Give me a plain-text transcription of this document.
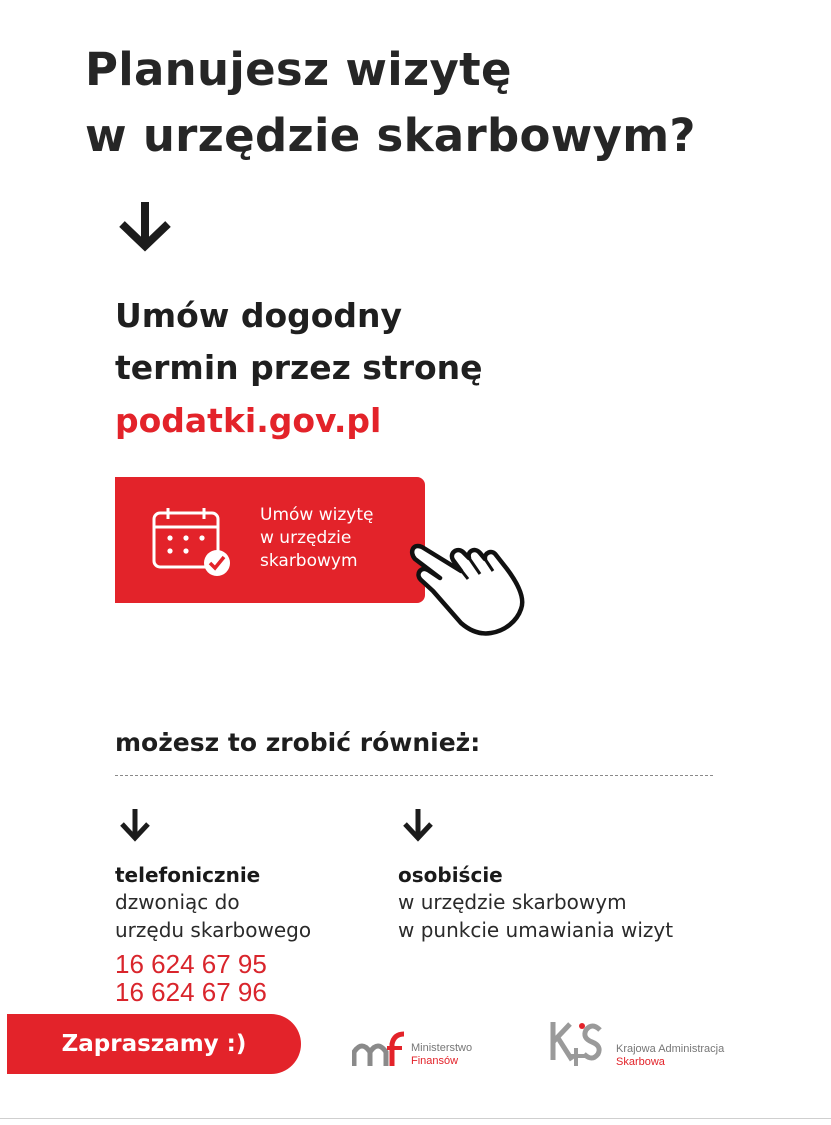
Planujesz wizytę
w urzędzie skarbowym?
Umów dogodny
termin przez stronę
podatki.gov.pl
Umów wizytę
w urzędzie
skarbowym
możesz to zrobić również:
telefonicznie
dzwoniąc do
urzędu skarbowego
16 624 67 95
16 624 67 96
osobiście
w urzędzie skarbowym
w punkcie umawiania wizyt
Zapraszamy :)	Ministerstwo
Finansów
Krajowa Administracja
Skarbowa
